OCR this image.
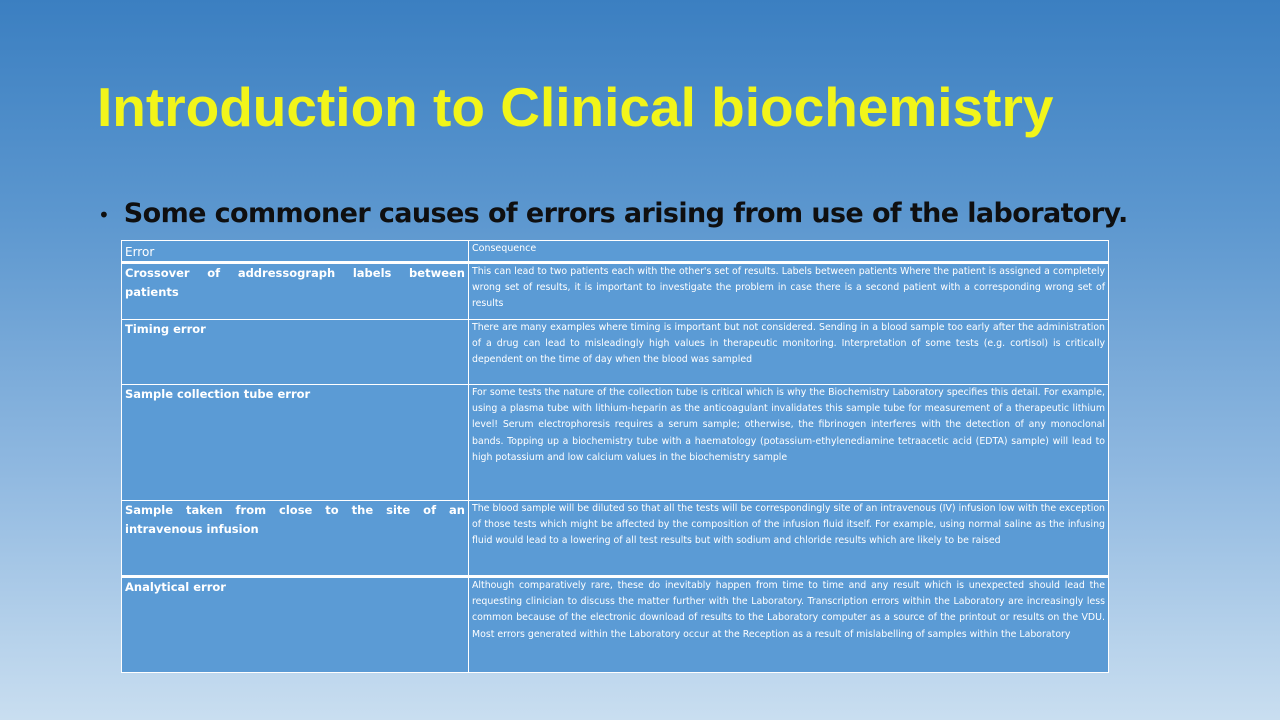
Introduction to Clinical biochemistry
• Some commoner causes of errors arising from use of the laboratory.
Error	Consequence
Crossover of addressograph labels between patients	This can lead to two patients each with the other's set of results. Labels between patients Where the patient is assigned a completely wrong set of results, it is important to investigate the problem in case there is a second patient with a corresponding wrong set of results
Timing error	There are many examples where timing is important but not considered. Sending in a blood sample too early after the administration of a drug can lead to misleadingly high values in therapeutic monitoring. Interpretation of some tests (e.g. cortisol) is critically dependent on the time of day when the blood was sampled
Sample collection tube error	For some tests the nature of the collection tube is critical which is why the Biochemistry Laboratory specifies this detail. For example, using a plasma tube with lithium-heparin as the anticoagulant invalidates this sample tube for measurement of a therapeutic lithium level! Serum electrophoresis requires a serum sample; otherwise, the fibrinogen interferes with the detection of any monoclonal bands. Topping up a biochemistry tube with a haematology (potassium-ethylenediamine tetraacetic acid (EDTA) sample) will lead to high potassium and low calcium values in the biochemistry sample
Sample taken from close to the site of an intravenous infusion	The blood sample will be diluted so that all the tests will be correspondingly site of an intravenous (IV) infusion low with the exception of those tests which might be affected by the composition of the infusion fluid itself. For example, using normal saline as the infusing fluid would lead to a lowering of all test results but with sodium and chloride results which are likely to be raised
Analytical error	Although comparatively rare, these do inevitably happen from time to time and any result which is unexpected should lead the requesting clinician to discuss the matter further with the Laboratory. Transcription errors within the Laboratory are increasingly less common because of the electronic download of results to the Laboratory computer as a source of the printout or results on the VDU. Most errors generated within the Laboratory occur at the Reception as a result of mislabelling of samples within the Laboratory
